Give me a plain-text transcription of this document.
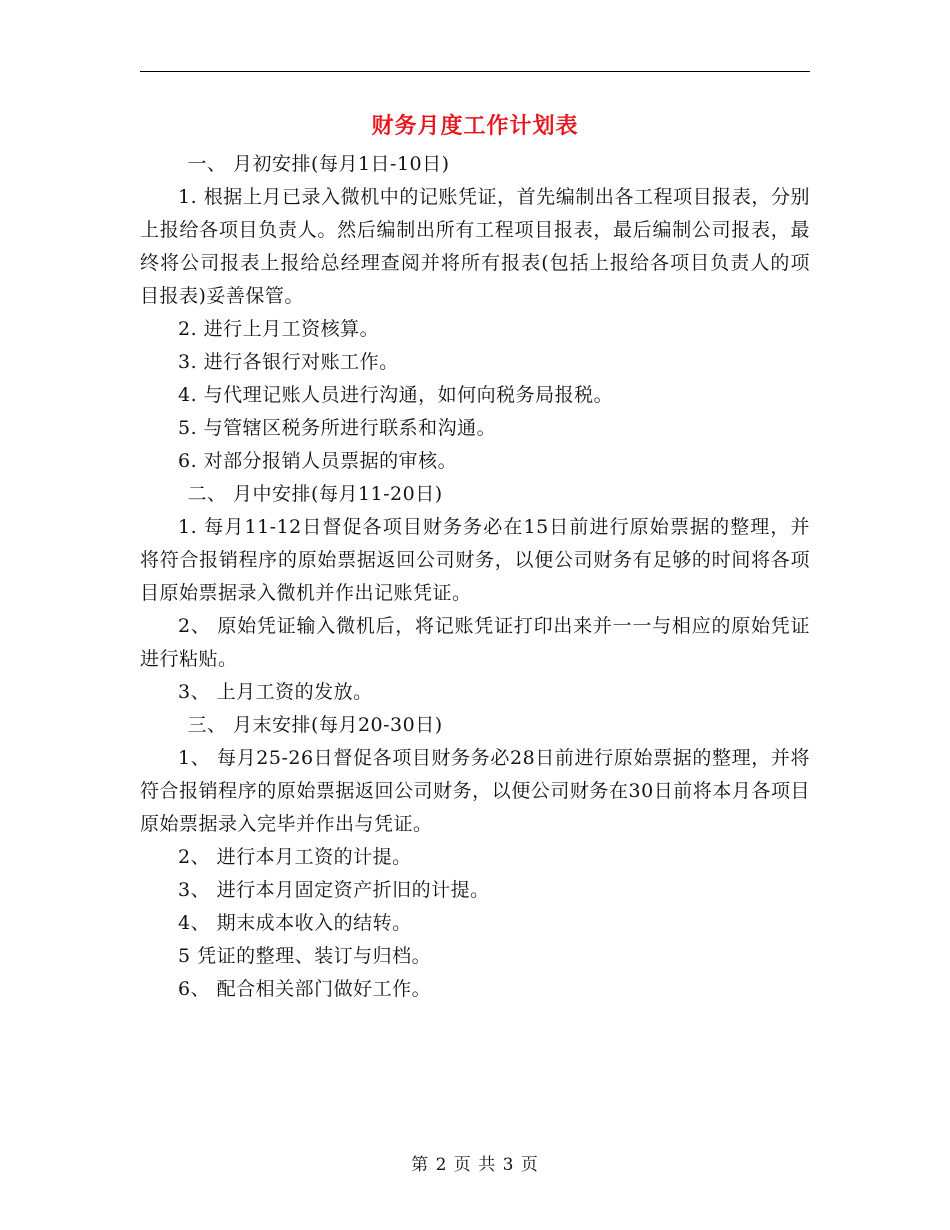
财务月度工作计划表

一、 月初安排(每月1日-10日)

1. 根据上月已录入微机中的记账凭证，首先编制出各工程项目报表，分别上报给各项目负责人。然后编制出所有工程项目报表，最后编制公司报表，最终将公司报表上报给总经理查阅并将所有报表(包括上报给各项目负责人的项目报表)妥善保管。

2. 进行上月工资核算。

3. 进行各银行对账工作。

4. 与代理记账人员进行沟通，如何向税务局报税。

5. 与管辖区税务所进行联系和沟通。

6. 对部分报销人员票据的审核。

二、 月中安排(每月11-20日)

1. 每月11-12日督促各项目财务务必在15日前进行原始票据的整理，并将符合报销程序的原始票据返回公司财务，以便公司财务有足够的时间将各项目原始票据录入微机并作出记账凭证。

2、 原始凭证输入微机后，将记账凭证打印出来并一一与相应的原始凭证进行粘贴。

3、 上月工资的发放。

三、 月末安排(每月20-30日)

1、 每月25-26日督促各项目财务务必28日前进行原始票据的整理，并将符合报销程序的原始票据返回公司财务，以便公司财务在30日前将本月各项目原始票据录入完毕并作出与凭证。

2、 进行本月工资的计提。

3、 进行本月固定资产折旧的计提。

4、 期末成本收入的结转。

5 凭证的整理、装订与归档。

6、 配合相关部门做好工作。

第 2 页 共 3 页
